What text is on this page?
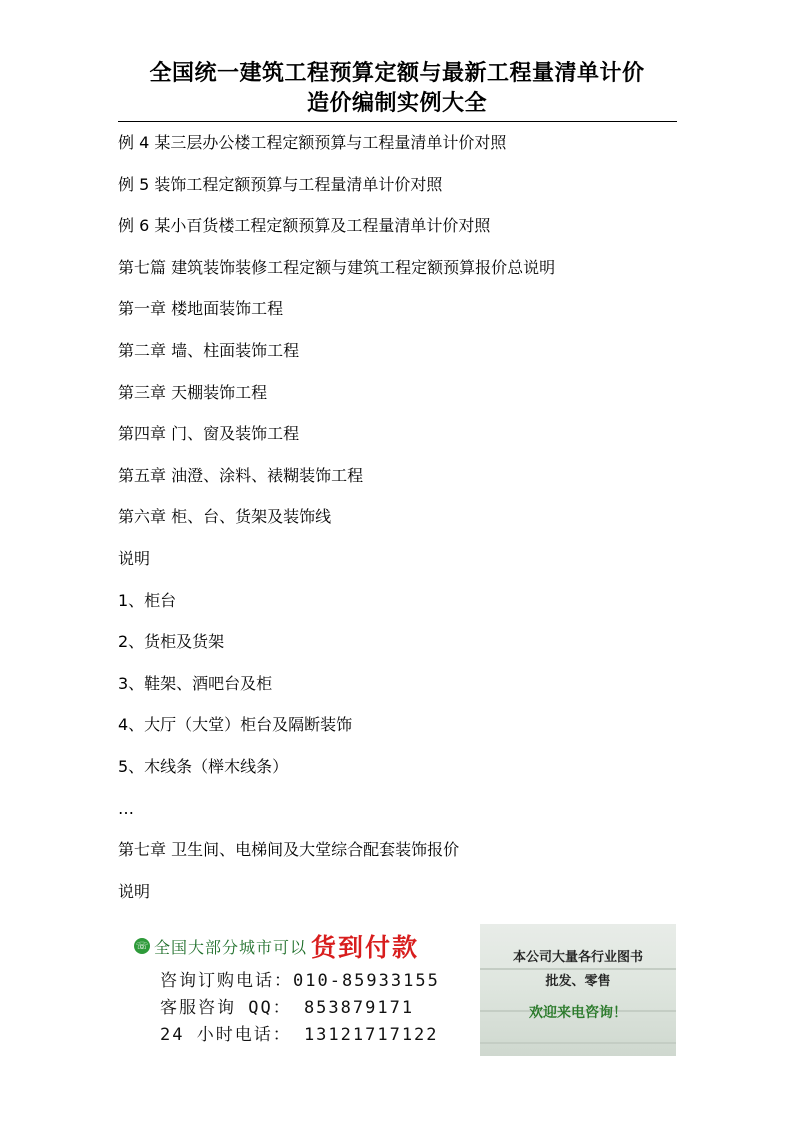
全国统一建筑工程预算定额与最新工程量清单计价
造价编制实例大全
例 4 某三层办公楼工程定额预算与工程量清单计价对照
例 5 装饰工程定额预算与工程量清单计价对照
例 6 某小百货楼工程定额预算及工程量清单计价对照
第七篇 建筑装饰装修工程定额与建筑工程定额预算报价总说明
第一章 楼地面装饰工程
第二章 墙、柱面装饰工程
第三章 天棚装饰工程
第四章 门、窗及装饰工程
第五章 油澄、涂料、裱糊装饰工程
第六章 柜、台、货架及装饰线
说明
1、柜台
2、货柜及货架
3、鞋架、酒吧台及柜
4、大厅（大堂）柜台及隔断装饰
5、木线条（榉木线条）
…
第七章 卫生间、电梯间及大堂综合配套装饰报价
说明
☏ 全国大部分城市可以 货到付款
咨询订购电话：010-85933155
客服咨询 QQ： 853879171
24 小时电话： 13121717122
本公司大量各行业图书
批发、零售
欢迎来电咨询！
